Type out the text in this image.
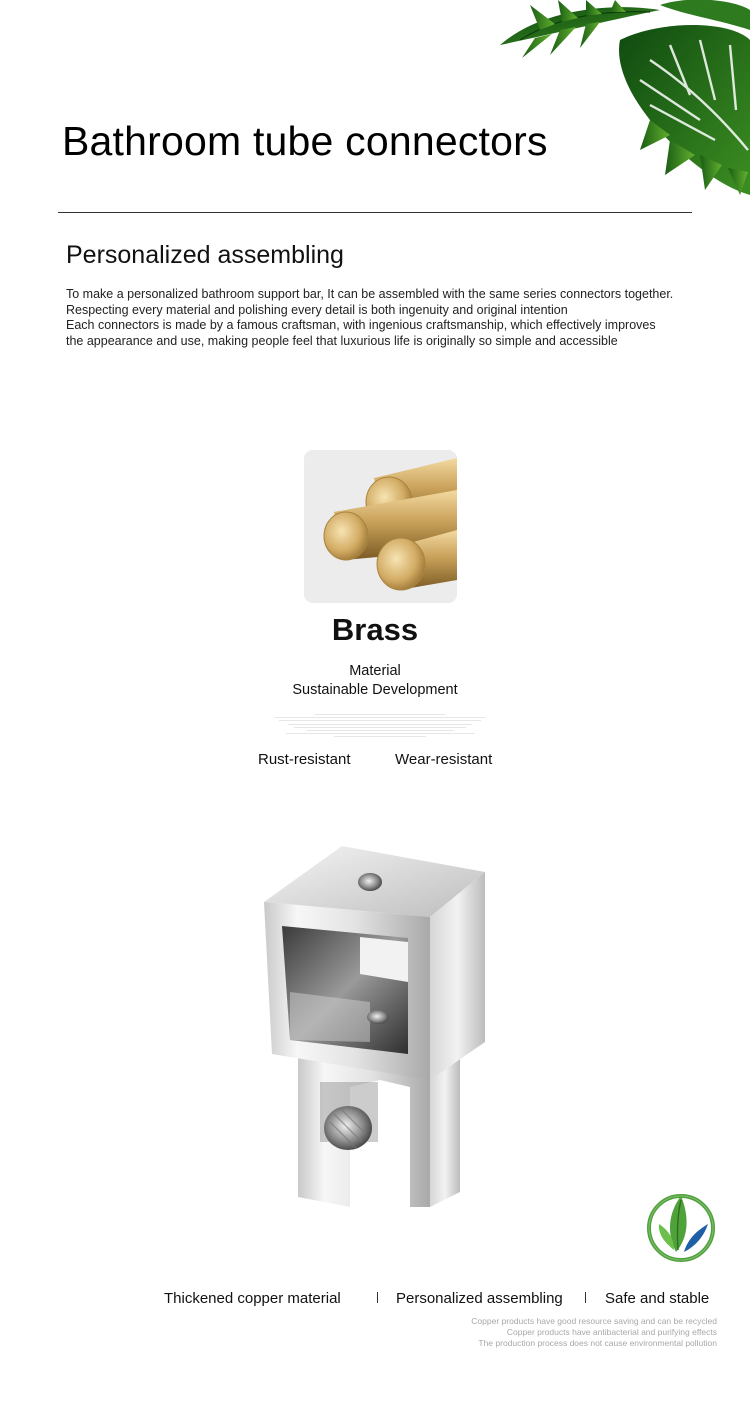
Bathroom tube connectors
Personalized assembling

To make a personalized bathroom support bar, It can be assembled with the same series connectors together.

Respecting every material and polishing every detail is both ingenuity and original intention

Each connectors is made by a famous craftsman, with ingenious craftsmanship, which effectively improves

the appearance and use, making people feel that luxurious life is originally so simple and accessible

Brass
Material
Sustainable Development
Rust-resistant	Wear-resistant
Thickened copper material	Personalized assembling	Safe and stable
Copper products have good resource saving and can be recycled
Copper products have antibacterial and purifying effects
The production process does not cause environmental pollution
